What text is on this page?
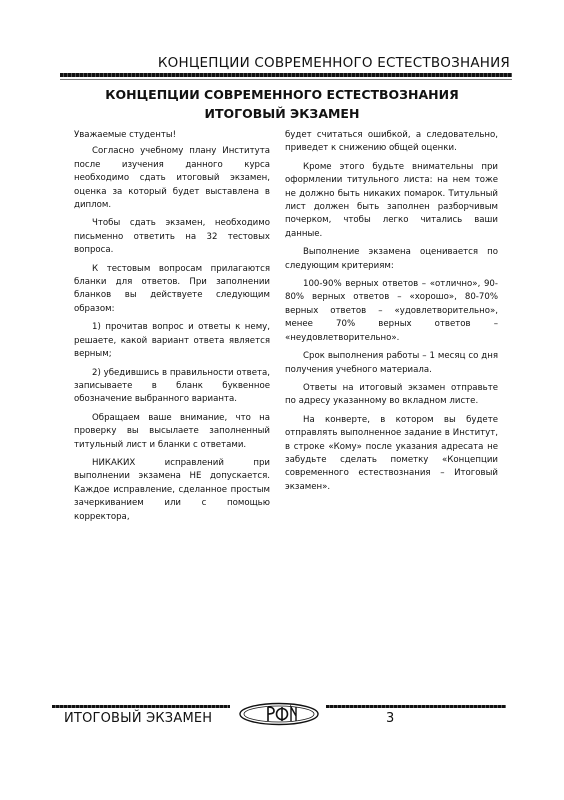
КОНЦЕПЦИИ СОВРЕМЕННОГО ЕСТЕСТВОЗНАНИЯ
КОНЦЕПЦИИ СОВРЕМЕННОГО ЕСТЕСТВОЗНАНИЯ
ИТОГОВЫЙ ЭКЗАМЕН

Уважаемые студенты!

Согласно учебному плану Института после изучения данного курса необходимо сдать итоговый экзамен, оценка за который будет выставлена в диплом.

Чтобы сдать экзамен, необходимо письменно ответить на 32 тестовых вопроса.

К тестовым вопросам прилагаются бланки для ответов. При заполнении бланков вы действуете следующим образом:

1) прочитав вопрос и ответы к нему, решаете, какой вариант ответа является верным;

2) убедившись в правильности ответа, записываете в бланк буквенное обозначение выбранного варианта.

Обращаем ваше внимание, что на проверку вы высылаете заполненный титульный лист и бланки с ответами.

НИКАКИХ исправлений при выполнении экзамена НЕ допускается. Каждое исправление, сделанное простым зачеркиванием или с помощью корректора,

будет считаться ошибкой, а следовательно, приведет к снижению общей оценки.

Кроме этого будьте внимательны при оформлении титульного листа: на нем тоже не должно быть никаких помарок. Титульный лист должен быть заполнен разборчивым почерком, чтобы легко читались ваши данные.

Выполнение экзамена оценивается по следующим критериям:

100-90% верных ответов – «отлично», 90-80% верных ответов – «хорошо», 80-70% верных ответов – «удовлетворительно», менее 70% верных ответов – «неудовлетворительно».

Срок выполнения работы – 1 месяц со дня получения учебного материала.

Ответы на итоговый экзамен отправьте по адресу указанному во вкладном листе.

На конверте, в котором вы будете отправлять выполненное задание в Институт, в строке «Кому» после указания адресата не забудьте сделать пометку «Концепции современного естествознания – Итоговый экзамен».

ИТОГОВЫЙ ЭКЗАМЕН	3
